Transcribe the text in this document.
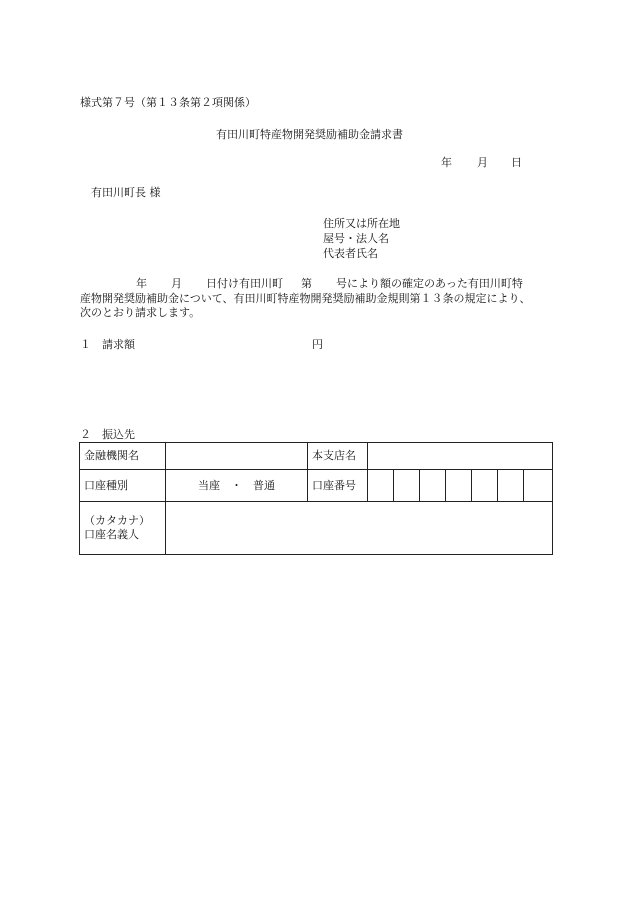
様式第７号（第１３条第２項関係）
有田川町特産物開発奨励補助金請求書
年 月 日
有田川町長 様
住所又は所在地
屋号・法人名
代表者氏名
年 月 日付け有田川町 第 号により額の確定のあった有田川町特
産物開発奨励補助金について、有田川町特産物開発奨励補助金規則第１３条の規定により、
次のとおり請求します。
１　請求額	円
２　振込先
金融機関名		本支店名							
口座種別	当座　・　普通	口座番号							

（カタカナ）
口座名義人									
